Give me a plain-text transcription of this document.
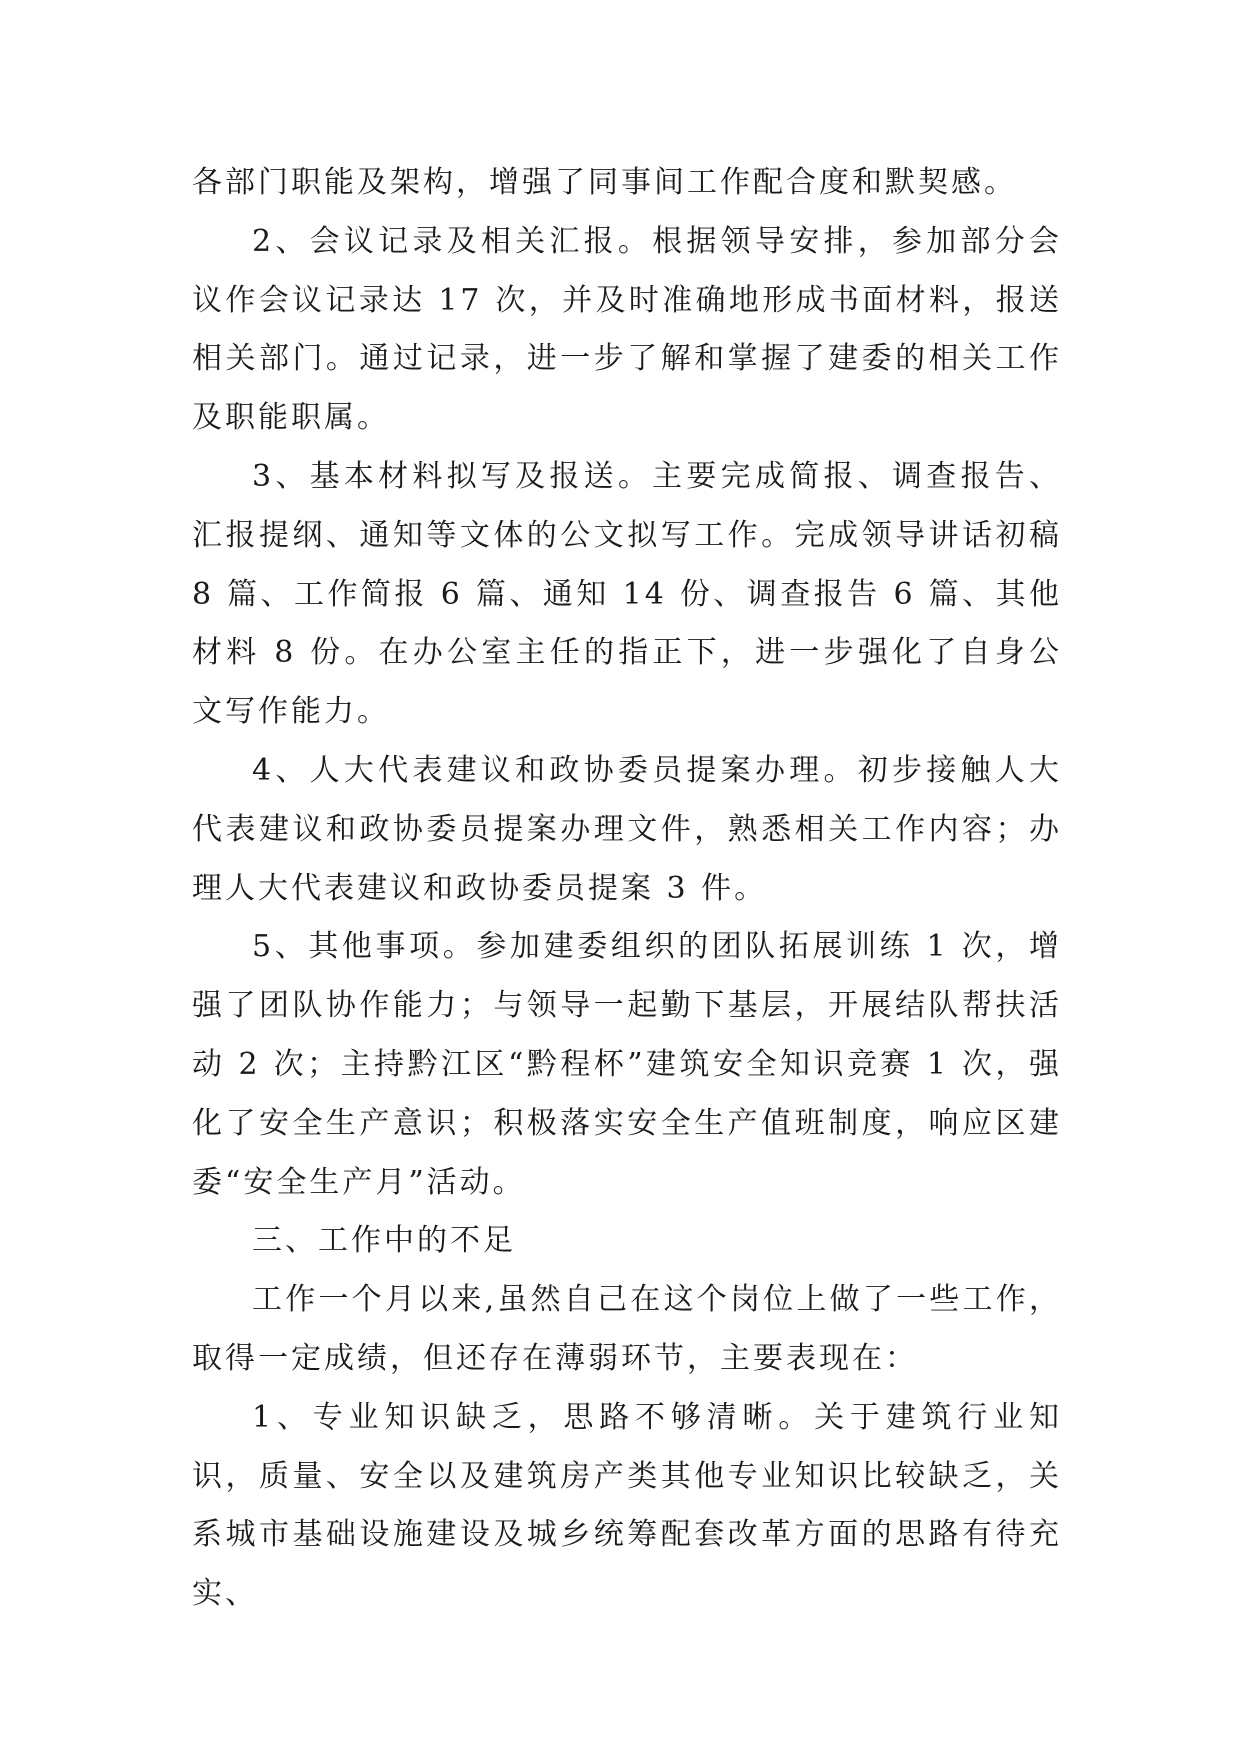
各部门职能及架构，增强了同事间工作配合度和默契感。

2、会议记录及相关汇报。根据领导安排，参加部分会议作会议记录达 17 次，并及时准确地形成书面材料，报送相关部门。通过记录，进一步了解和掌握了建委的相关工作及职能职属。

3、基本材料拟写及报送。主要完成简报、调查报告、汇报提纲、通知等文体的公文拟写工作。完成领导讲话初稿 8 篇、工作简报 6 篇、通知 14 份、调查报告 6 篇、其他材料 8 份。在办公室主任的指正下，进一步强化了自身公文写作能力。

4、人大代表建议和政协委员提案办理。初步接触人大代表建议和政协委员提案办理文件，熟悉相关工作内容；办理人大代表建议和政协委员提案 3 件。

5、其他事项。参加建委组织的团队拓展训练 1 次，增强了团队协作能力；与领导一起勤下基层，开展结队帮扶活动 2 次；主持黔江区“黔程杯”建筑安全知识竞赛 1 次，强化了安全生产意识；积极落实安全生产值班制度，响应区建委“安全生产月”活动。

三、工作中的不足

工作一个月以来,虽然自己在这个岗位上做了一些工作，取得一定成绩，但还存在薄弱环节，主要表现在：

1、专业知识缺乏，思路不够清晰。关于建筑行业知识，质量、安全以及建筑房产类其他专业知识比较缺乏，关系城市基础设施建设及城乡统筹配套改革方面的思路有待充实、
